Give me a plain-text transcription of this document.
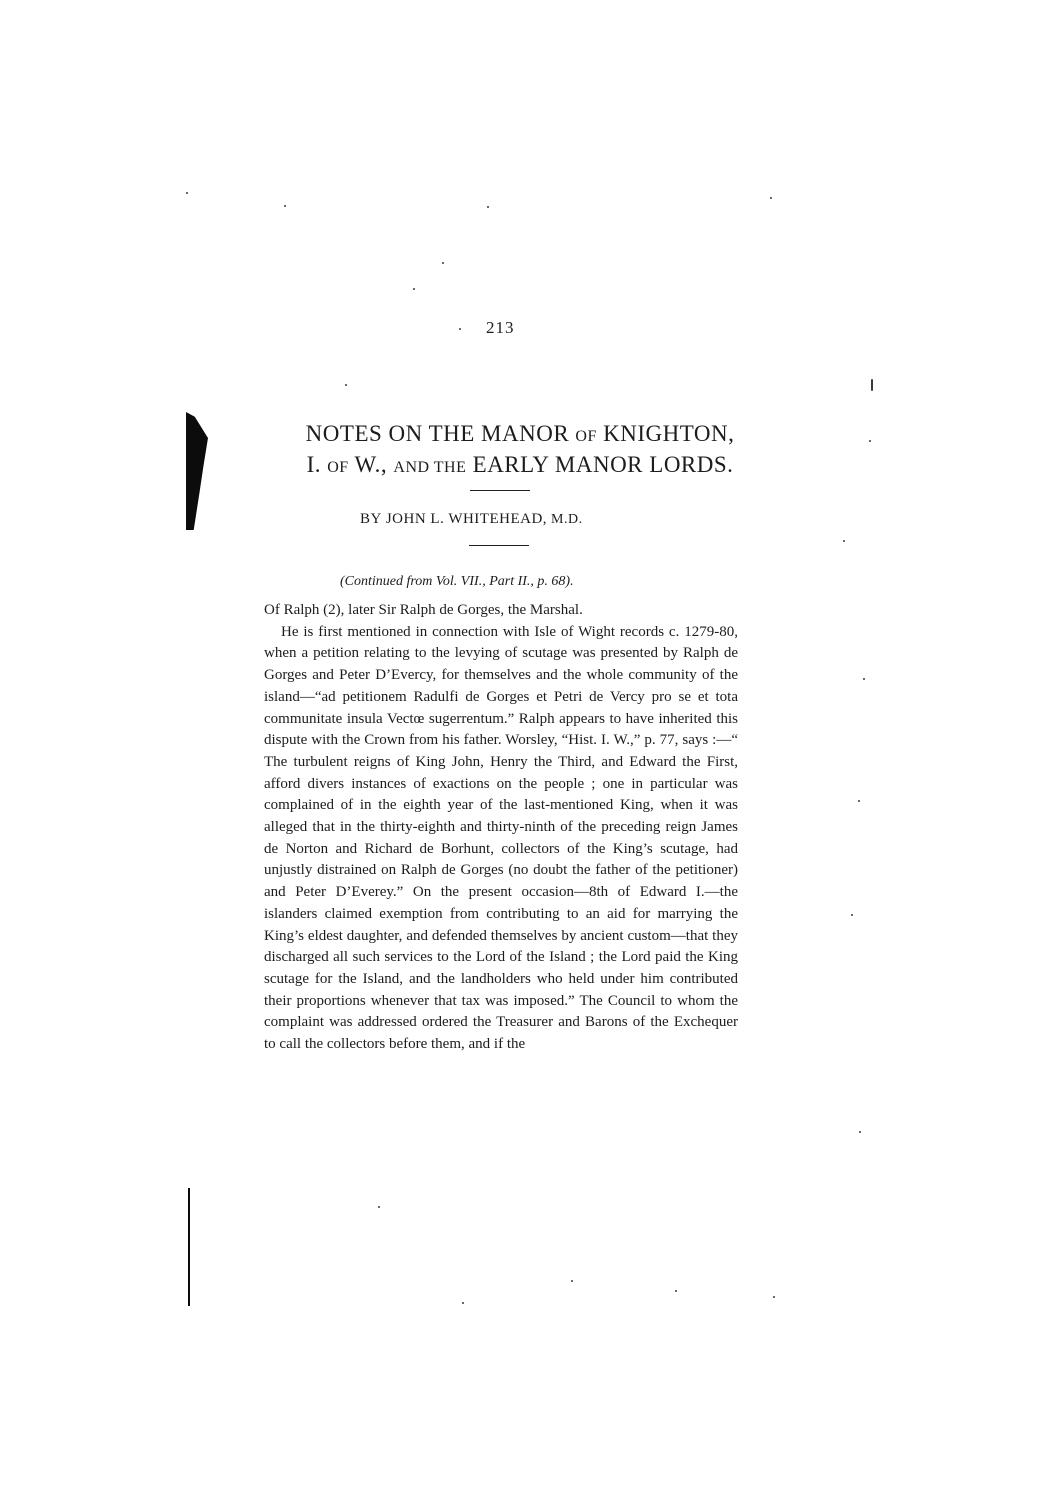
213
NOTES ON THE MANOR OF KNIGHTON,
I. OF W., AND THE EARLY MANOR LORDS.
BY JOHN L. WHITEHEAD, M.D.
(Continued from Vol. VII., Part II., p. 68).

Of Ralph (2), later Sir Ralph de Gorges, the Marshal.

He is first mentioned in connection with Isle of Wight records c. 1279-80, when a petition relating to the levying of scutage was presented by Ralph de Gorges and Peter D’Evercy, for themselves and the whole community of the island—“ad petitionem Radulfi de Gorges et Petri de Vercy pro se et tota communitate insula Vectœ sugerrentum.” Ralph appears to have inherited this dispute with the Crown from his father. Worsley, “Hist. I. W.,” p. 77, says :—“ The turbulent reigns of King John, Henry the Third, and Edward the First, afford divers instances of exactions on the people ; one in particular was complained of in the eighth year of the last-mentioned King, when it was alleged that in the thirty-eighth and thirty-ninth of the preceding reign James de Norton and Richard de Borhunt, collectors of the King’s scutage, had unjustly distrained on Ralph de Gorges (no doubt the father of the petitioner) and Peter D’Everey.” On the present occasion—8th of Edward I.—the islanders claimed exemption from contributing to an aid for marrying the King’s eldest daughter, and defended themselves by ancient custom—that they discharged all such services to the Lord of the Island ; the Lord paid the King scutage for the Island, and the landholders who held under him contributed their proportions whenever that tax was imposed.” The Council to whom the complaint was addressed ordered the Treasurer and Barons of the Exchequer to call the collectors before them, and if the
